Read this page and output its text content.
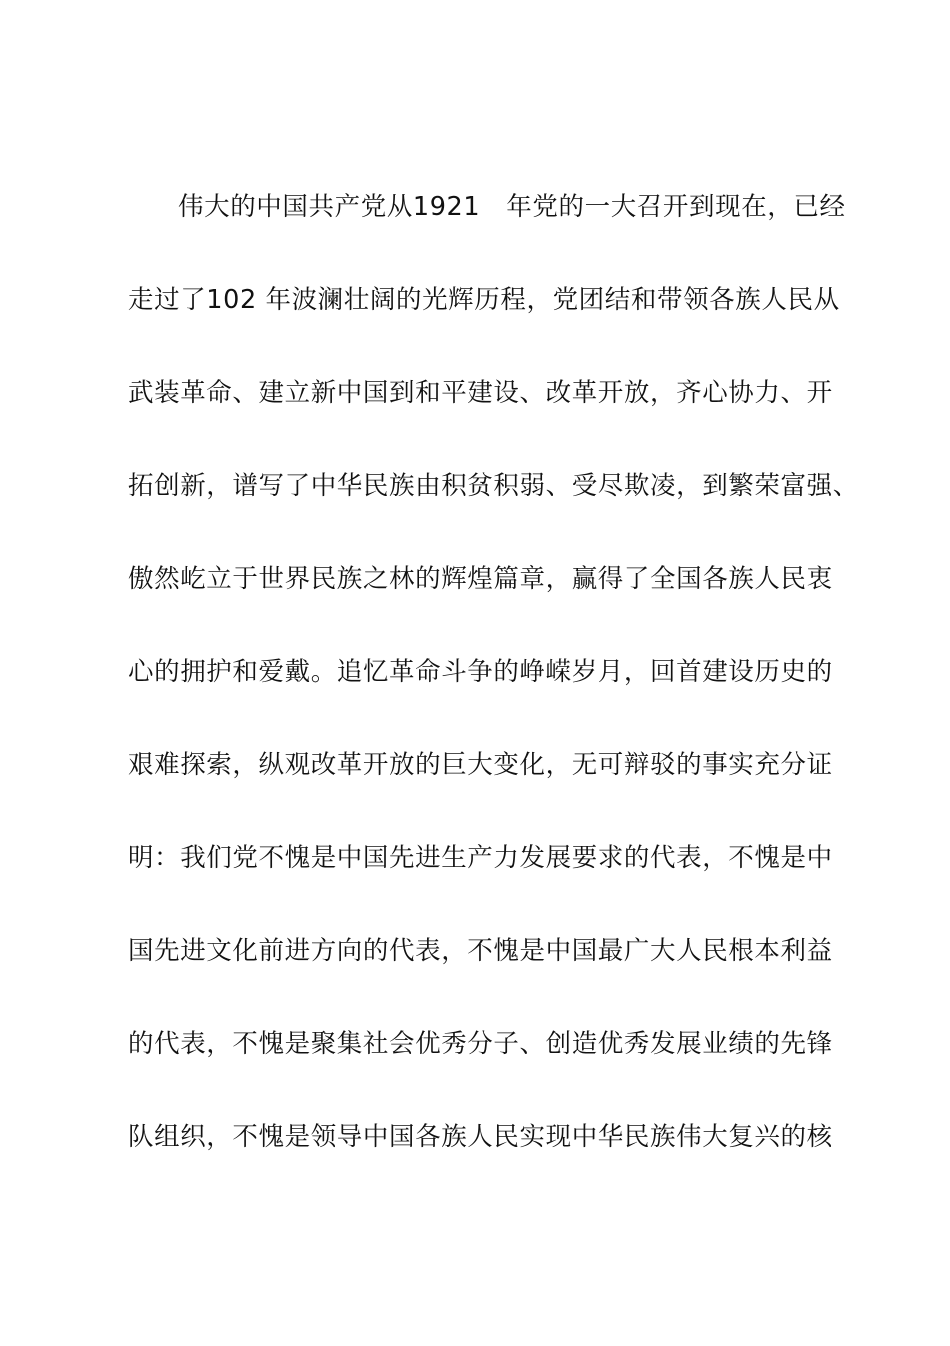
伟大的中国共产党从1921　年党的一大召开到现在，已经
走过了102 年波澜壮阔的光辉历程，党团结和带领各族人民从
武装革命、建立新中国到和平建设、改革开放，齐心协力、开
拓创新，谱写了中华民族由积贫积弱、受尽欺凌，到繁荣富强、
傲然屹立于世界民族之林的辉煌篇章，赢得了全国各族人民衷
心的拥护和爱戴。追忆革命斗争的峥嵘岁月，回首建设历史的
艰难探索，纵观改革开放的巨大变化，无可辩驳的事实充分证
明：我们党不愧是中国先进生产力发展要求的代表，不愧是中
国先进文化前进方向的代表，不愧是中国最广大人民根本利益
的代表，不愧是聚集社会优秀分子、创造优秀发展业绩的先锋
队组织，不愧是领导中国各族人民实现中华民族伟大复兴的核
